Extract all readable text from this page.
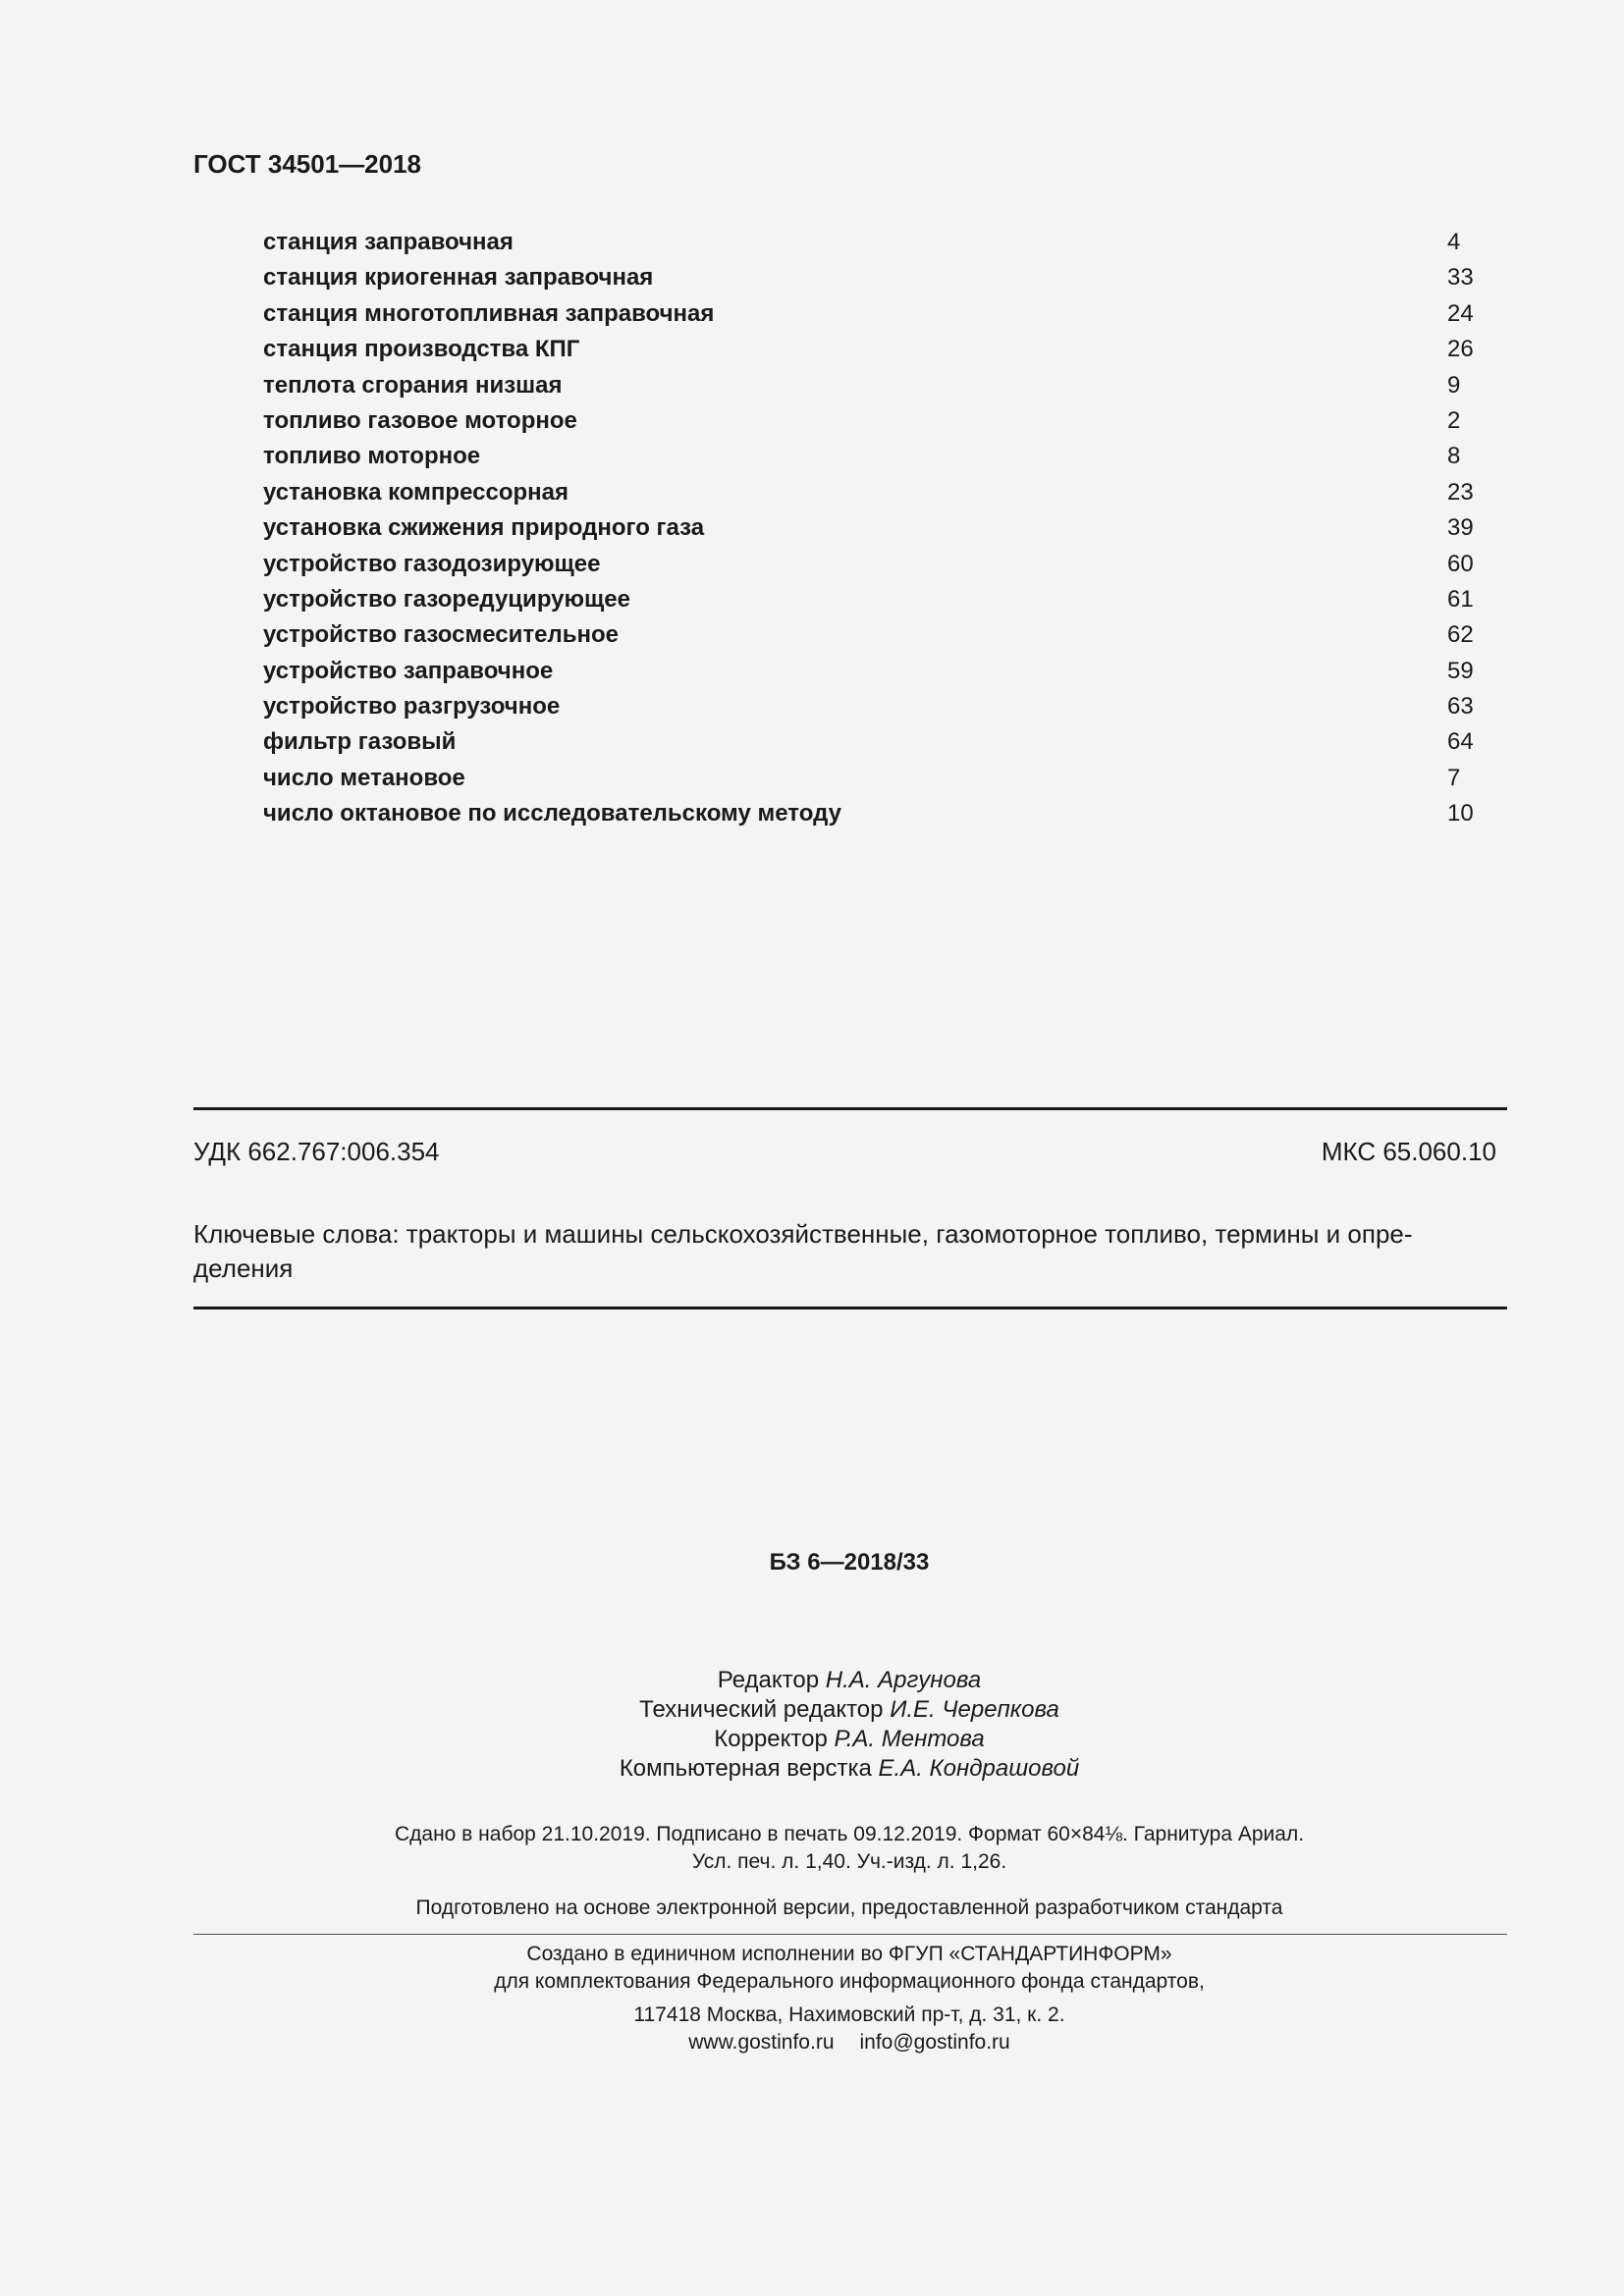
ГОСТ 34501—2018
станция заправочная	4
станция криогенная заправочная	33
станция многотопливная заправочная	24
станция производства КПГ	26
теплота сгорания низшая	9
топливо газовое моторное	2
топливо моторное	8
установка компрессорная	23
установка сжижения природного газа	39
устройство газодозирующее	60
устройство газоредуцирующее	61
устройство газосмесительное	62
устройство заправочное	59
устройство разгрузочное	63
фильтр газовый	64
число метановое	7
число октановое по исследовательскому методу	10
УДК 662.767:006.354	МКС 65.060.10
Ключевые слова: тракторы и машины сельскохозяйственные, газомоторное топливо, термины и опре-
деления
БЗ 6—2018/33
Редактор Н.А. Аргунова
Технический редактор И.Е. Черепкова
Корректор Р.А. Ментова
Компьютерная верстка Е.А. Кондрашовой
Сдано в набор 21.10.2019. Подписано в печать 09.12.2019. Формат 60×84⅛. Гарнитура Ариал.
Усл. печ. л. 1,40. Уч.-изд. л. 1,26.
Подготовлено на основе электронной версии, предоставленной разработчиком стандарта
Создано в единичном исполнении во ФГУП «СТАНДАРТИНФОРМ»
для комплектования Федерального информационного фонда стандартов,
117418 Москва, Нахимовский пр-т, д. 31, к. 2.
www.gostinfo.ru info@gostinfo.ru
